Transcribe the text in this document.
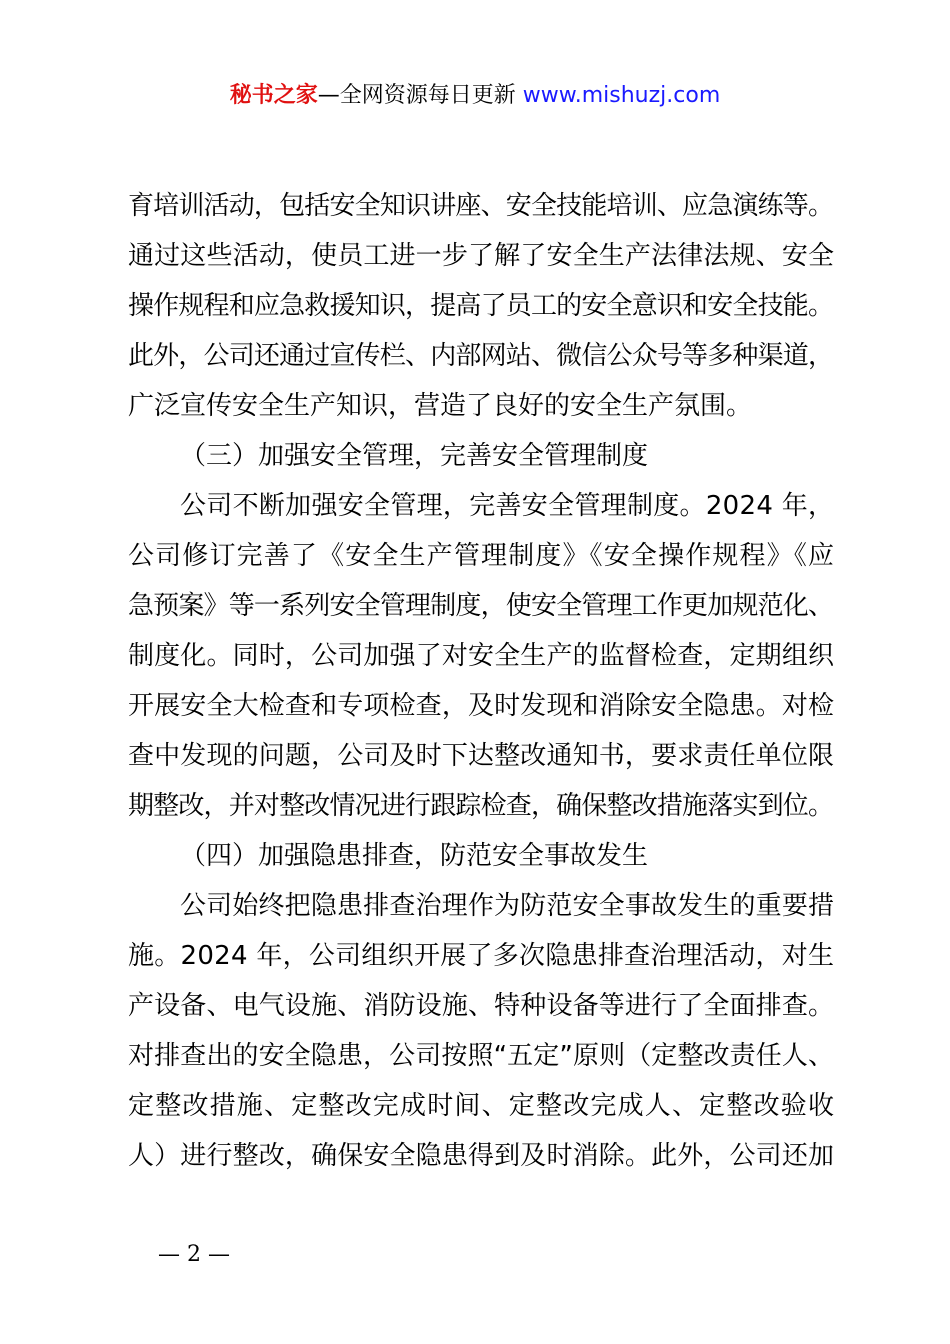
秘书之家—全网资源每日更新 www.mishuzj.com
育培训活动，包括安全知识讲座、安全技能培训、应急演练等。
通过这些活动，使员工进一步了解了安全生产法律法规、安全
操作规程和应急救援知识，提高了员工的安全意识和安全技能。
此外，公司还通过宣传栏、内部网站、微信公众号等多种渠道，
广泛宣传安全生产知识，营造了良好的安全生产氛围。
（三）加强安全管理，完善安全管理制度
公司不断加强安全管理，完善安全管理制度。2024 年，
公司修订完善了《安全生产管理制度》《安全操作规程》《应
急预案》等一系列安全管理制度，使安全管理工作更加规范化、
制度化。同时，公司加强了对安全生产的监督检查，定期组织
开展安全大检查和专项检查，及时发现和消除安全隐患。对检
查中发现的问题，公司及时下达整改通知书，要求责任单位限
期整改，并对整改情况进行跟踪检查，确保整改措施落实到位。
（四）加强隐患排查，防范安全事故发生
公司始终把隐患排查治理作为防范安全事故发生的重要措
施。2024 年，公司组织开展了多次隐患排查治理活动，对生
产设备、电气设施、消防设施、特种设备等进行了全面排查。
对排查出的安全隐患，公司按照“五定”原则（定整改责任人、
定整改措施、定整改完成时间、定整改完成人、定整改验收
人）进行整改，确保安全隐患得到及时消除。此外，公司还加
— 2 —
